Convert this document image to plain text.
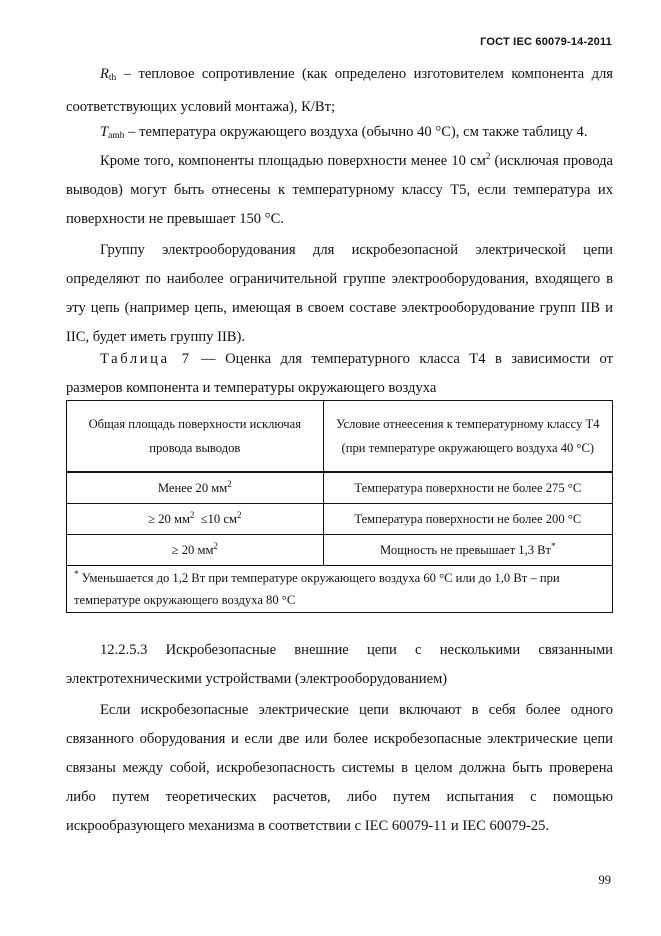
ГОСТ IEC 60079-14-2011

$R_{th}$ – тепловое сопротивление (как определено изготовителем компонента для соответствующих условий монтажа), К/Вт;

$T_{amb}$ – температура окружающего воздуха (обычно 40 °С), см также таблицу 4.

Кроме того, компоненты площадью поверхности менее 10 $см^2$ (исключая провода выводов) могут быть отнесены к температурному классу Т5, если температура их поверхности не превышает 150 °С.

Группу электрооборудования для искробезопасной электрической цепи определяют по наиболее ограничительной группе электрооборудования, входящего в эту цепь (например цепь, имеющая в своем составе электрооборудование групп IIВ и IIС, будет иметь группу IIВ).

Таблица 7 — Оценка для температурного класса Т4 в зависимости от размеров компонента и температуры окружающего воздуха

Общая площадь поверхности исключая провода выводов	Условие отнеесения к температурному классу Т4 (при температуре окружающего воздуха 40 °С)
Менее 20 $мм^2$	Температура поверхности не более 275 °С
≥ 20 $мм^2 \le 10$ $см^2$	Температура поверхности не более 200 °С
≥ 20 $мм^2$	Мощность не превышает 1,3 Вт*
* Уменьшается до 1,2 Вт при температуре окружающего воздуха 60 °С или до 1,0 Вт – при температуре окружающего воздуха 80 °С	

12.2.5.3 Искробезопасные внешние цепи с несколькими связанными электротехническими устройствами (электрооборудованием)

Если искробезопасные электрические цепи включают в себя более одного связанного оборудования и если две или более искробезопасные электрические цепи связаны между собой, искробезопасность системы в целом должна быть проверена либо путем теоретических расчетов, либо путем испытания с помощью искрообразующего механизма в соответствии с IEC 60079-11 и IEC 60079-25.

99
